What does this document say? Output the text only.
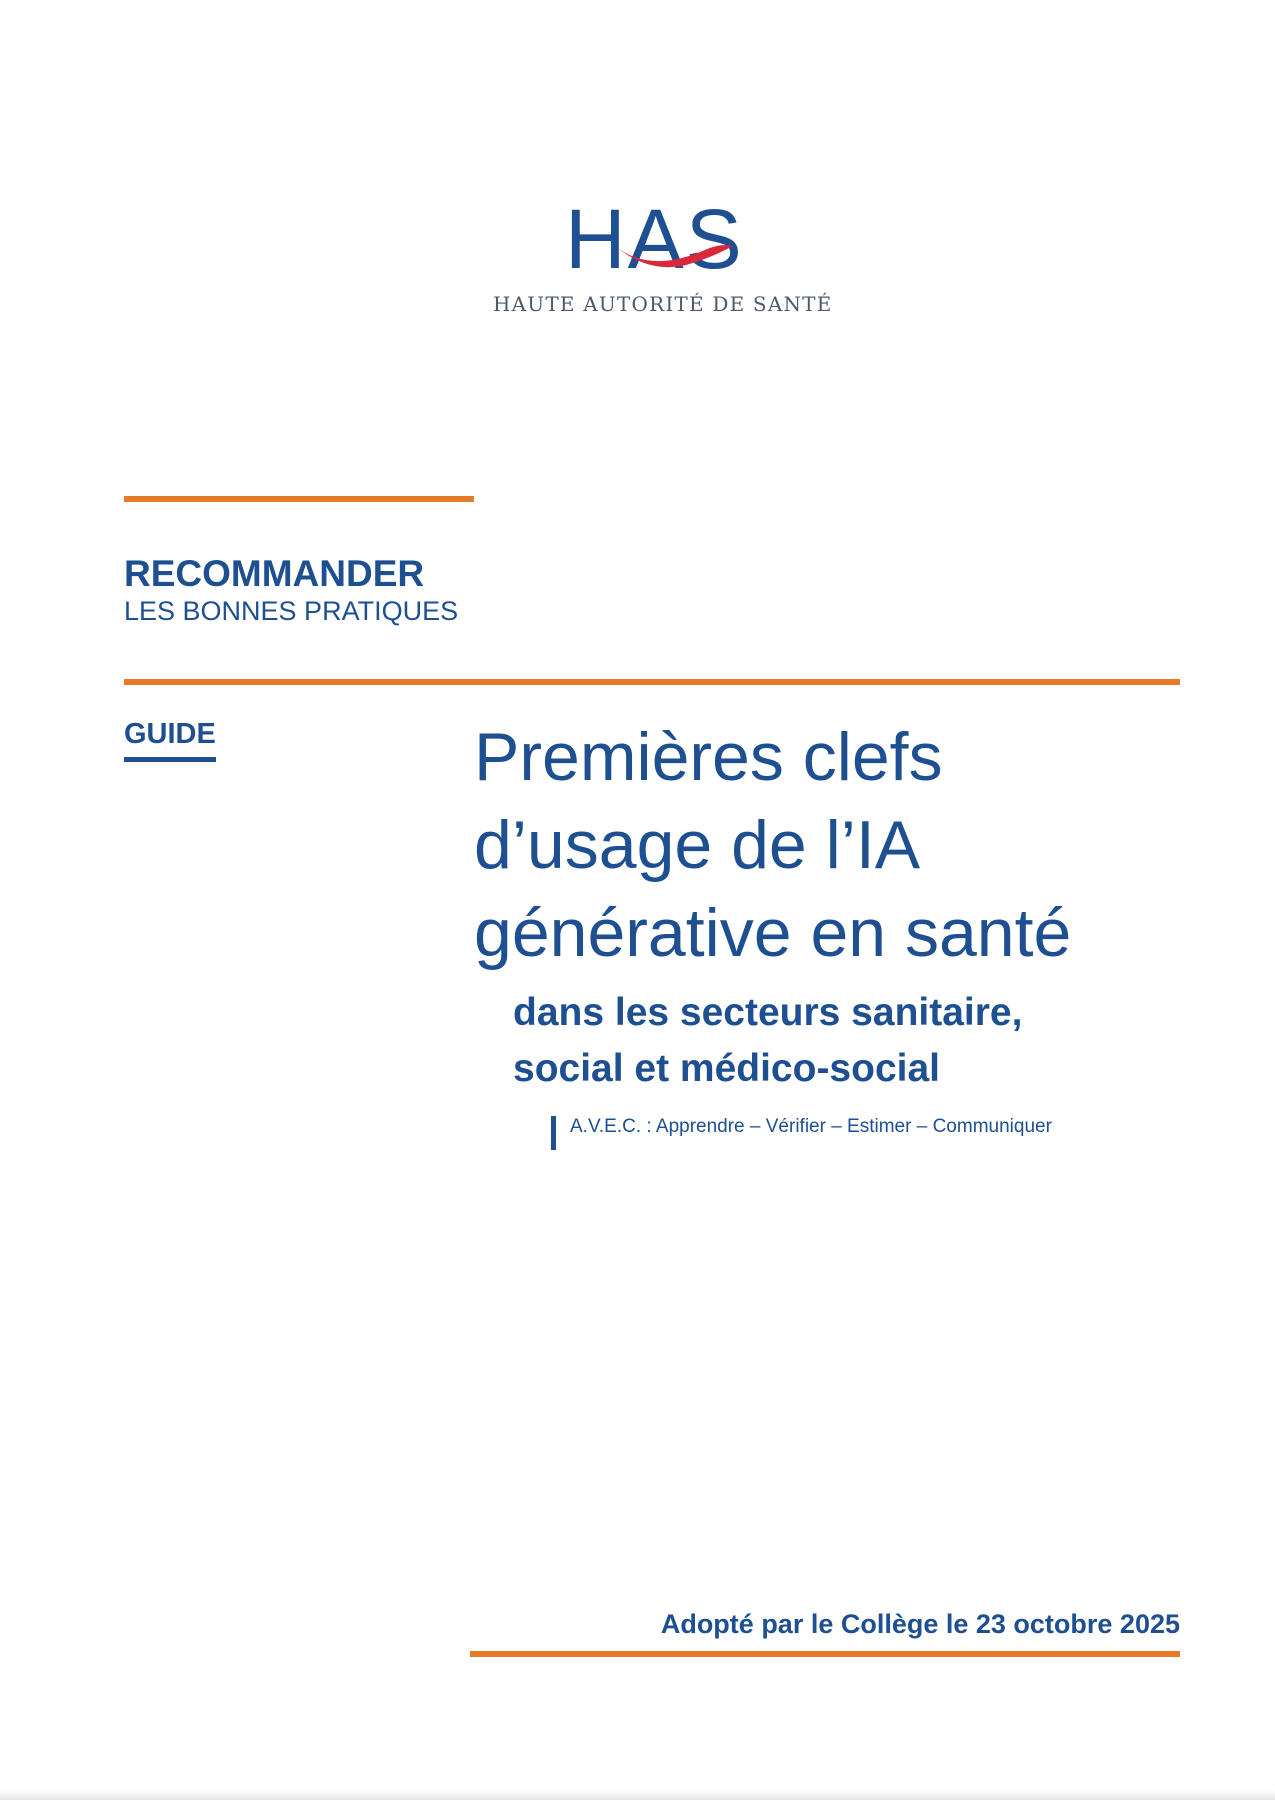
HAS
HAUTE AUTORITÉ DE SANTÉ
RECOMMANDER
LES BONNES PRATIQUES
GUIDE	Premières clefs
d’usage de l’IA
générative en santé
dans les secteurs sanitaire,
social et médico-social
A.V.E.C. : Apprendre – Vérifier – Estimer – Communiquer
Adopté par le Collège le 23 octobre 2025
